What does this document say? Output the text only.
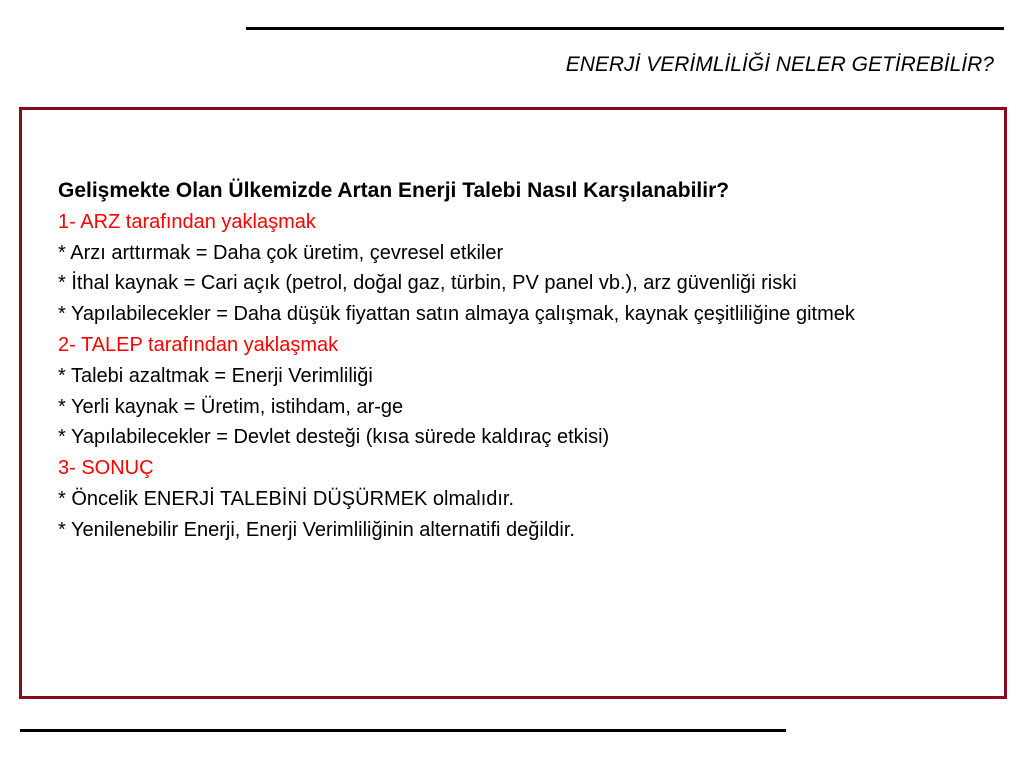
ENERJİ VERİMLİLİĞİ NELER GETİREBİLİR?
Gelişmekte Olan Ülkemizde Artan Enerji Talebi Nasıl Karşılanabilir?
1- ARZ tarafından yaklaşmak
* Arzı arttırmak = Daha çok üretim, çevresel etkiler
* İthal kaynak = Cari açık (petrol, doğal gaz, türbin, PV panel vb.), arz güvenliği riski
* Yapılabilecekler = Daha düşük fiyattan satın almaya çalışmak, kaynak çeşitliliğine gitmek
2- TALEP tarafından yaklaşmak
* Talebi azaltmak = Enerji Verimliliği
* Yerli kaynak = Üretim, istihdam, ar-ge
* Yapılabilecekler = Devlet desteği (kısa sürede kaldıraç etkisi)
3- SONUÇ
* Öncelik ENERJİ TALEBİNİ DÜŞÜRMEK olmalıdır.
* Yenilenebilir Enerji, Enerji Verimliliğinin alternatifi değildir.
